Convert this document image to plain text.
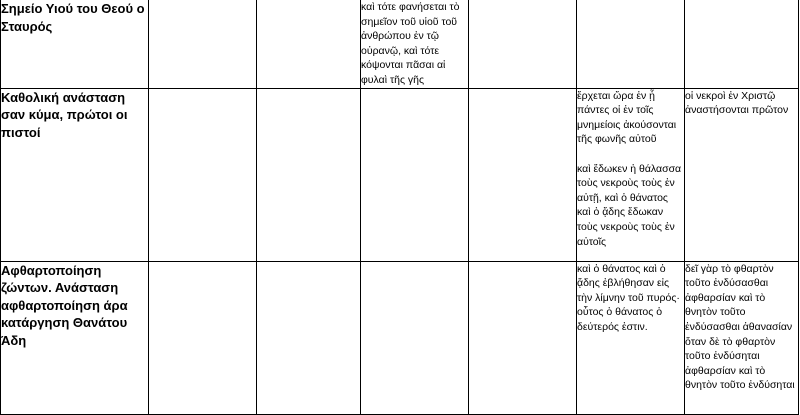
Σημείο Υιού του Θεού ο Σταυρός			καὶ τότε φανήσεται τὸ σημεῖον τοῦ υἱοῦ τοῦ ἀνθρώπου ἐν τῷ οὐρανῷ, καὶ τότε κόψονται πᾶσαι αἱ φυλαὶ τῆς γῆς			
Καθολική ανάσταση σαν κύμα, πρώτοι οι πιστοί					ἔρχεται ὥρα ἐν ᾗ πάντες οἱ ἐν τοῖς μνημείοις ἀκούσονται τῆς φωνῆς αὐτοῦ
καὶ ἔδωκεν ἡ θάλασσα τοὺς νεκροὺς τοὺς ἐν αὐτῇ, καὶ ὁ θάνατος καὶ ὁ ᾅδης ἔδωκαν τοὺς νεκροὺς τοὺς ἐν αὐτοῖς	οἱ νεκροὶ ἐν Χριστῷ ἀναστήσονται πρῶτον
Αφθαρτοποίηση ζώντων. Ανάσταση αφθαρτοποίηση άρα κατάργηση Θανάτου Άδη					καὶ ὁ θάνατος καὶ ὁ ᾅδης ἐβλήθησαν εἰς τὴν λίμνην τοῦ πυρός· οὗτος ὁ θάνατος ὁ δεύτερός ἐστιν.	δεῖ γὰρ τὸ φθαρτὸν τοῦτο ἐνδύσασθαι ἀφθαρσίαν καὶ τὸ θνητὸν τοῦτο ἐνδύσασθαι ἀθανασίαν ὅταν δὲ τὸ φθαρτὸν τοῦτο ἐνδύσηται ἀφθαρσίαν καὶ τὸ θνητὸν τοῦτο ἐνδύσηται
